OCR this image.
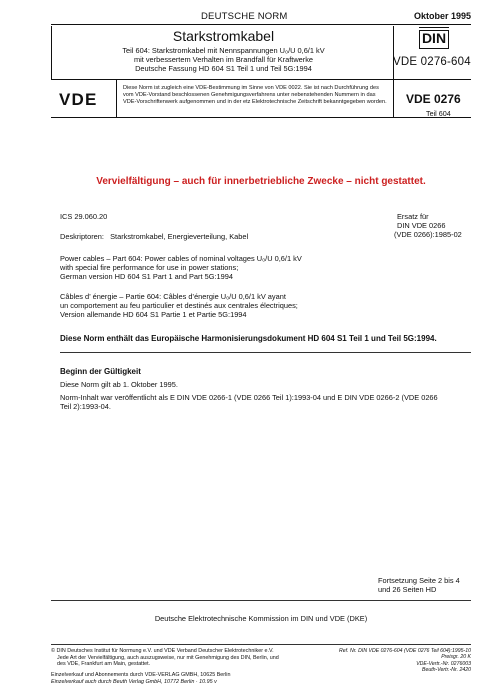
DEUTSCHE NORM	Oktober 1995
Starkstromkabel
Teil 604: Starkstromkabel mit Nennspannungen U₀/U 0,6/1 kV
mit verbessertem Verhalten im Brandfall für Kraftwerke
Deutsche Fassung HD 604 S1 Teil 1 und Teil 5G:1994
DIN
VDE 0276-604
VDE
Diese Norm ist zugleich eine VDE-Bestimmung im Sinne von VDE 0022. Sie ist nach Durchführung des vom VDE-Vorstand beschlossenen Genehmigungsverfahrens unter nebenstehenden Nummern in das VDE-Vorschriftenwerk aufgenommen und in der etz Elektrotechnische Zeitschrift bekanntgegeben worden.	VDE 0276
Teil 604
Vervielfältigung – auch für innerbetriebliche Zwecke – nicht gestattet.
ICS 29.060.20	Ersatz für
DIN VDE 0266
(VDE 0266):1985-02
Deskriptoren:   Starkstromkabel, Energieverteilung, Kabel
Power cables – Part 604: Power cables of nominal voltages U₀/U 0,6/1 kV
with special fire performance for use in power stations;
German version HD 604 S1 Part 1 and Part 5G:1994
Câbles d’ énergie – Partie 604: Câbles d’énergie U₀/U 0,6/1 kV ayant
un comportement au feu particulier et destinés aux centrales électriques;
Version allemande HD 604 S1 Partie 1 et Partie 5G:1994
Diese Norm enthält das Europäische Harmonisierungsdokument HD 604 S1 Teil 1 und Teil 5G:1994.
Beginn der Gültigkeit
Diese Norm gilt ab 1. Oktober 1995.
Norm-Inhalt war veröffentlicht als E DIN VDE 0266-1 (VDE 0266 Teil 1):1993-04 und E DIN VDE 0266-2 (VDE 0266
Teil 2):1993-04.
Fortsetzung Seite 2 bis 4
und 26 Seiten HD
Deutsche Elektrotechnische Kommission im DIN und VDE (DKE)
© DIN Deutsches Institut für Normung e.V. und VDE Verband Deutscher Elektrotechniker e.V.
Jede Art der Vervielfältigung, auch auszugsweise, nur mit Genehmigung des DIN, Berlin, und
des VDE, Frankfurt am Main, gestattet.
Einzelverkauf und Abonnements durch VDE-VERLAG GMBH, 10625 Berlin
Einzelverkauf auch durch Beuth Verlag GmbH, 10772 Berlin · 10.95 v
Ref. Nr. DIN VDE 0276-604 (VDE 0276 Teil 604):1995-10
Preisgr. 20 K
VDE-Vertr.-Nr. 0276003
Beuth-Vertr.-Nr. 2420
